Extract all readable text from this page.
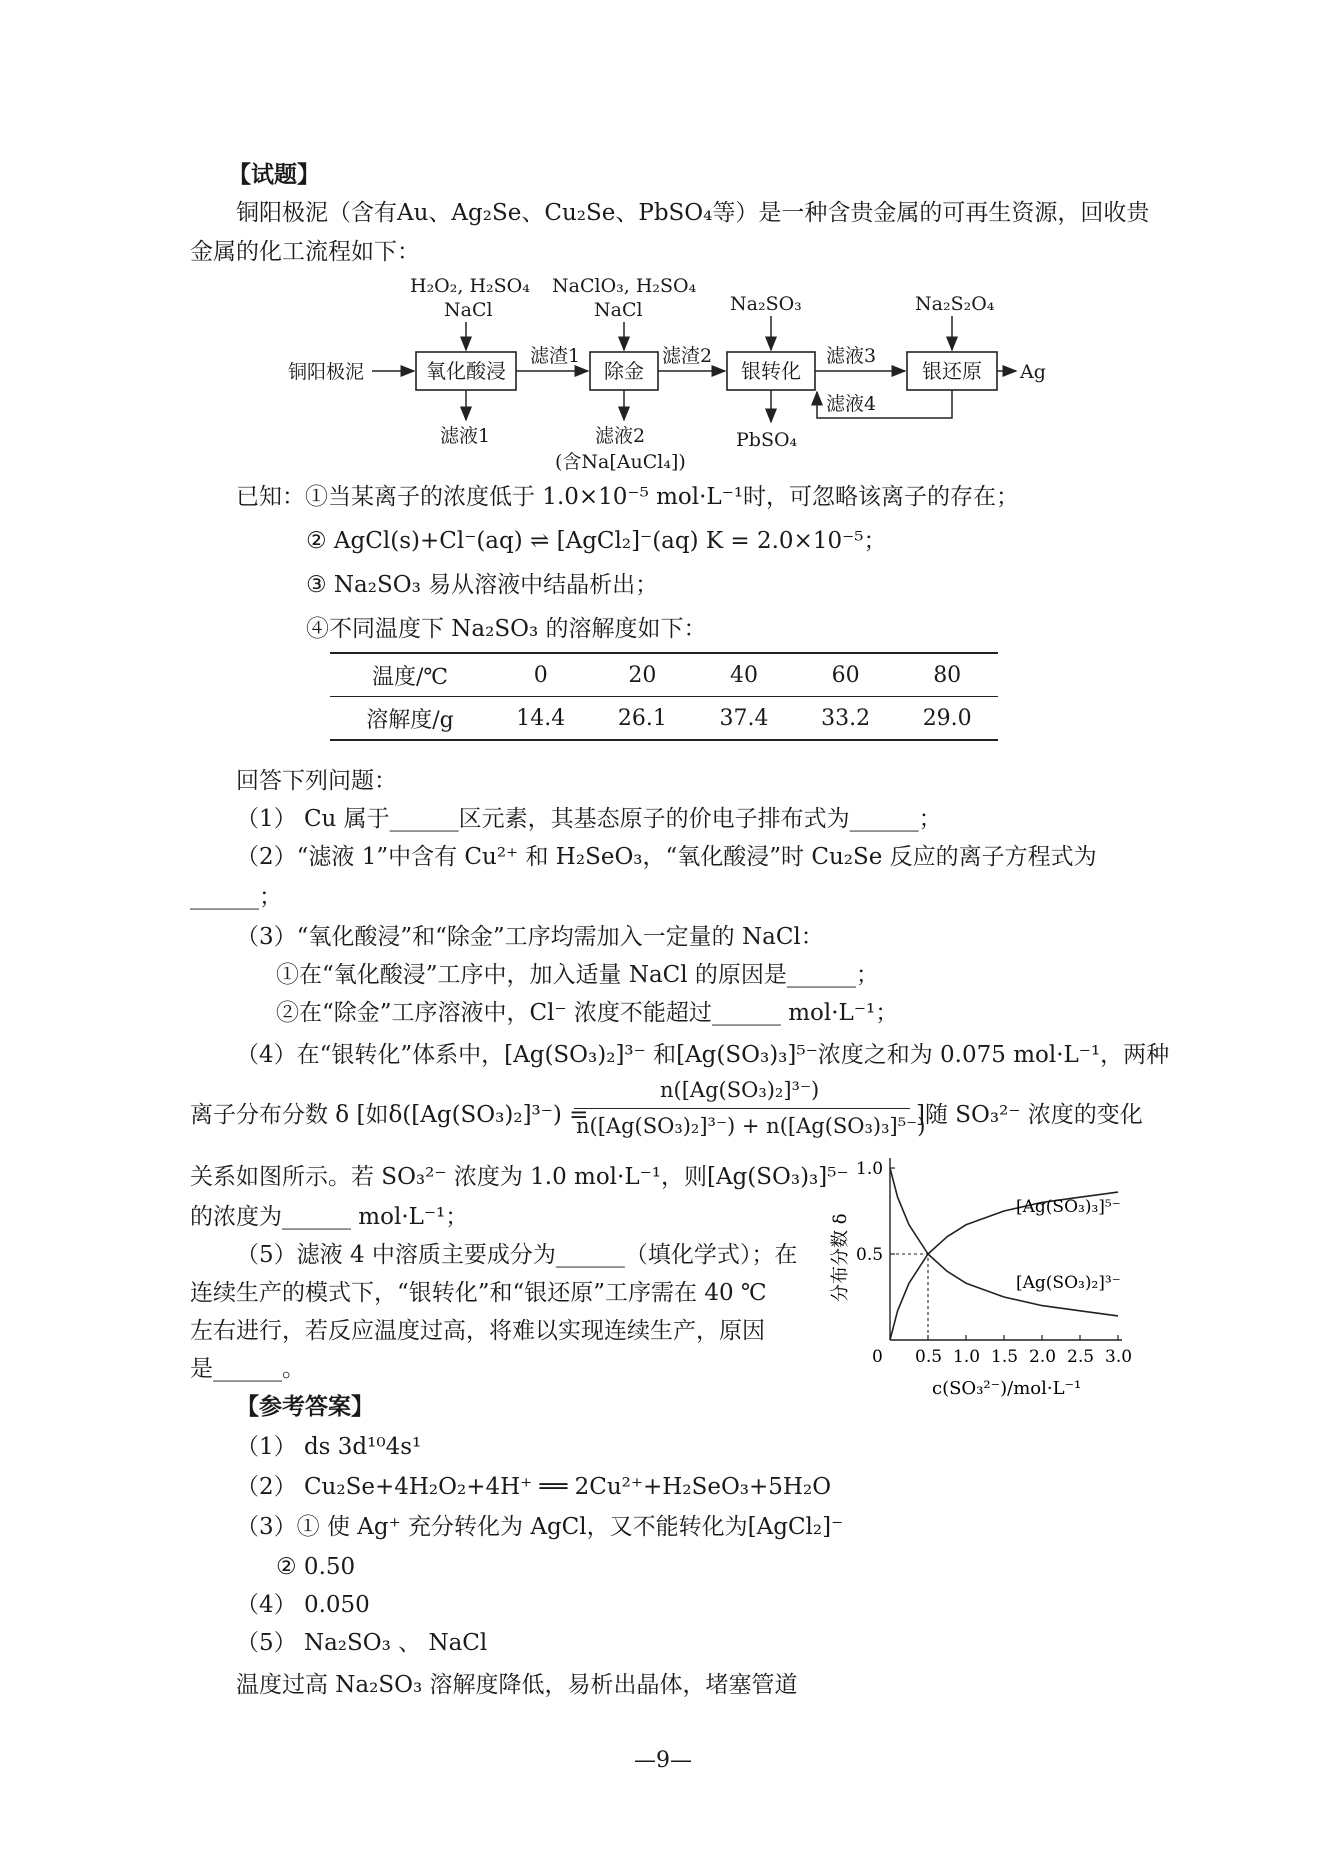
【试题】
铜阳极泥（含有Au、Ag₂Se、Cu₂Se、PbSO₄等）是一种含贵金属的可再生资源，回收贵
金属的化工流程如下：
H₂O₂, H₂SO₄
NaCl
NaClO₃, H₂SO₄
NaCl	Na₂SO₃	Na₂S₂O₄
铜阳极泥	Ag
滤渣1	滤渣2	滤液3
滤液4
滤液1	滤液2
(含Na[AuCl₄])
PbSO₄
氧化酸浸	除金	银转化	银还原
已知：①当某离子的浓度低于 1.0×10⁻⁵ mol·L⁻¹时，可忽略该离子的存在；
② AgCl(s)+Cl⁻(aq) ⇌ [AgCl₂]⁻(aq) K = 2.0×10⁻⁵；
③ Na₂SO₃ 易从溶液中结晶析出；
④不同温度下 Na₂SO₃ 的溶解度如下：
温度/℃	0	20	40	60	80
溶解度/g	14.4	26.1	37.4	33.2	29.0
回答下列问题：
（1） Cu 属于______区元素，其基态原子的价电子排布式为______；
（2）“滤液 1”中含有 Cu²⁺ 和 H₂SeO₃，“氧化酸浸”时 Cu₂Se 反应的离子方程式为
______；
（3）“氧化酸浸”和“除金”工序均需加入一定量的 NaCl：
①在“氧化酸浸”工序中，加入适量 NaCl 的原因是______；
②在“除金”工序溶液中，Cl⁻ 浓度不能超过______ mol·L⁻¹；
（4）在“银转化”体系中，[Ag(SO₃)₂]³⁻ 和[Ag(SO₃)₃]⁵⁻浓度之和为 0.075 mol·L⁻¹，两种
离子分布分数 δ [如δ([Ag(SO₃)₂]³⁻) =
n([Ag(SO₃)₂]³⁻)
n([Ag(SO₃)₂]³⁻) + n([Ag(SO₃)₃]⁵⁻)
]随 SO₃²⁻ 浓度的变化
关系如图所示。若 SO₃²⁻ 浓度为 1.0 mol·L⁻¹，则[Ag(SO₃)₃]⁵⁻
的浓度为______ mol·L⁻¹；
（5）滤液 4 中溶质主要成分为______（填化学式）；在
连续生产的模式下，“银转化”和“银还原”工序需在 40 ℃
左右进行，若反应温度过高，将难以实现连续生产，原因
是______。
0.5
1.0
0.5 1.0 1.5 2.0 2.5 3.0
0
c(SO₃²⁻)/mol·L⁻¹
分布分数 δ
[Ag(SO₃)₃]⁵⁻
[Ag(SO₃)₂]³⁻
【参考答案】
（1） ds 3d¹⁰4s¹
（2） Cu₂Se+4H₂O₂+4H⁺ ══ 2Cu²⁺+H₂SeO₃+5H₂O
（3）① 使 Ag⁺ 充分转化为 AgCl，又不能转化为[AgCl₂]⁻
② 0.50
（4） 0.050
（5） Na₂SO₃ 、 NaCl
温度过高 Na₂SO₃ 溶解度降低，易析出晶体，堵塞管道
—9—
